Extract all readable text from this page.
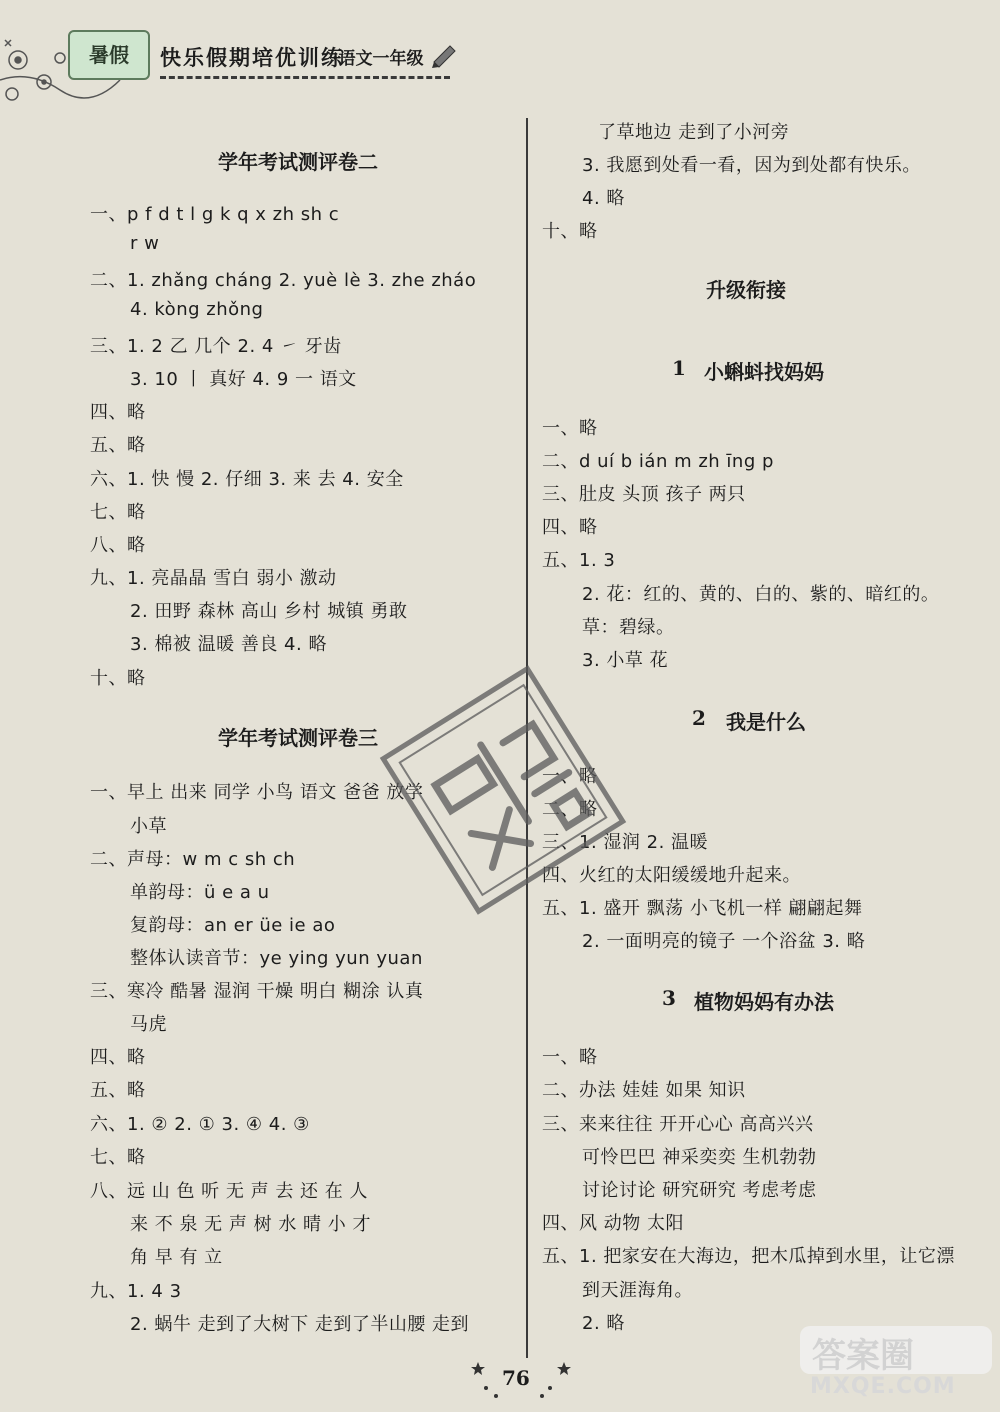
暑假	快乐假期培优训练
·语文一年级
学年考试测评卷二
一、p f d t l g k q x zh sh c
r w
二、1. zhǎng cháng 2. yuè lè 3. zhe zháo
4. kòng zhǒng
三、1. 2 乙 几个 2. 4 ㇀ 牙齿
3. 10 丨 真好 4. 9 一 语文
四、略
五、略
六、1. 快 慢 2. 仔细 3. 来 去 4. 安全
七、略
八、略
九、1. 亮晶晶 雪白 弱小 激动
2. 田野 森林 高山 乡村 城镇 勇敢
3. 棉被 温暖 善良 4. 略
十、略
学年考试测评卷三
一、早上 出来 同学 小鸟 语文 爸爸 放学
小草
二、声母：w m c sh ch
单韵母：ü e a u
复韵母：an er üe ie ao
整体认读音节：ye ying yun yuan
三、寒冷 酷暑 湿润 干燥 明白 糊涂 认真
马虎
四、略
五、略
六、1. ② 2. ① 3. ④ 4. ③
七、略
八、远 山 色 听 无 声 去 还 在 人
来 不 泉 无 声 树 水 晴 小 才
角 早 有 立
九、1. 4 3
2. 蜗牛 走到了大树下 走到了半山腰 走到
了草地边 走到了小河旁
3. 我愿到处看一看，因为到处都有快乐。
4. 略
十、略
升级衔接
1 小蝌蚪找妈妈
一、略
二、d uí b ián m zh īng p
三、肚皮 头顶 孩子 两只
四、略
五、1. 3
2. 花：红的、黄的、白的、紫的、暗红的。
草：碧绿。
3. 小草 花
2 我是什么
一、略
二、略
三、1. 湿润 2. 温暖
四、火红的太阳缓缓地升起来。
五、1. 盛开 飘荡 小飞机一样 翩翩起舞
2. 一面明亮的镜子 一个浴盆 3. 略
3 植物妈妈有办法
一、略
二、办法 娃娃 如果 知识
三、来来往往 开开心心 高高兴兴
可怜巴巴 神采奕奕 生机勃勃
讨论讨论 研究研究 考虑考虑
四、风 动物 太阳
五、1. 把家安在大海边，把木瓜掉到水里，让它漂
到天涯海角。
2. 略
76
答案圈
MXQE.COM
